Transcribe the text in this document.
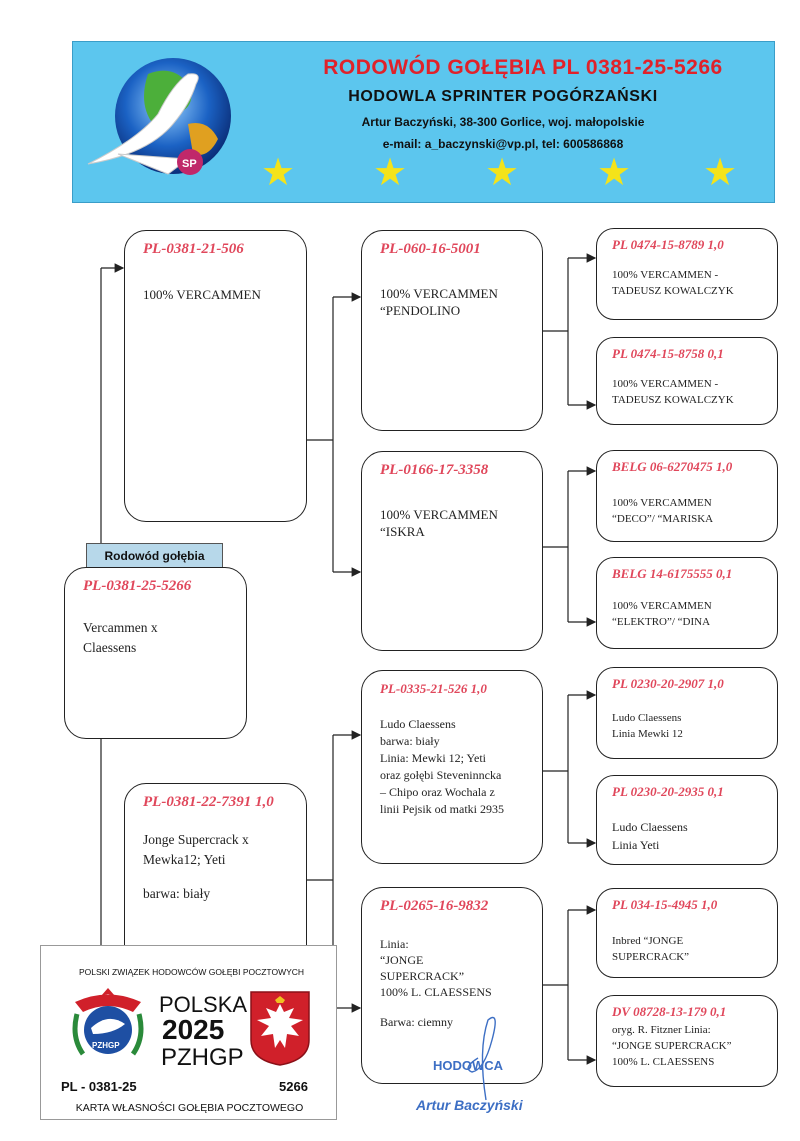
SP
RODOWÓD GOŁĘBIA PL 0381-25-5266
HODOWLA SPRINTER POGÓRZAŃSKI
Artur Baczyński, 38-300 Gorlice, woj. małopolskie
e-mail: a_baczynski@vp.pl, tel: 600586868
★ ★ ★ ★ ★
Rodowód gołębia
PL-0381-25-5266
Vercammen x
Claessens
PL-0381-21-506
100% VERCAMMEN
PL-0381-22-7391 1,0
Jonge Supercrack x
Mewka12; Yeti
barwa: biały
PL-060-16-5001
100% VERCAMMEN
“PENDOLINO
PL-0166-17-3358
100% VERCAMMEN
“ISKRA
PL-0335-21-526 1,0
Ludo Claessens
barwa: biały
Linia: Mewki 12; Yeti
oraz gołębi Steveninncka
– Chipo oraz Wochala z
linii Pejsik od matki 2935
PL-0265-16-9832
Linia:
“JONGE
SUPERCRACK”
100% L. CLAESSENS
Barwa: ciemny
PL 0474-15-8789 1,0
100% VERCAMMEN -
TADEUSZ KOWALCZYK
PL 0474-15-8758 0,1
100% VERCAMMEN -
TADEUSZ KOWALCZYK
BELG 06-6270475 1,0
100% VERCAMMEN
“DECO”/ “MARISKA
BELG 14-6175555 0,1
100% VERCAMMEN
“ELEKTRO”/ “DINA
PL 0230-20-2907 1,0
Ludo Claessens
Linia Mewki 12
PL 0230-20-2935 0,1
Ludo Claessens
Linia Yeti
PL 034-15-4945 1,0
Inbred “JONGE
SUPERCRACK”
DV 08728-13-179 0,1
oryg. R. Fitzner Linia:
“JONGE SUPERCRACK”
100% L. CLAESSENS
POLSKI ZWIĄZEK HODOWCÓW GOŁĘBI POCZTOWYCH
PZHGP
POLSKA
2025
PZHGP
PL - 0381-25	5266
KARTA WŁASNOŚCI GOŁĘBIA POCZTOWEGO
HODOWCA
Artur Baczyński
